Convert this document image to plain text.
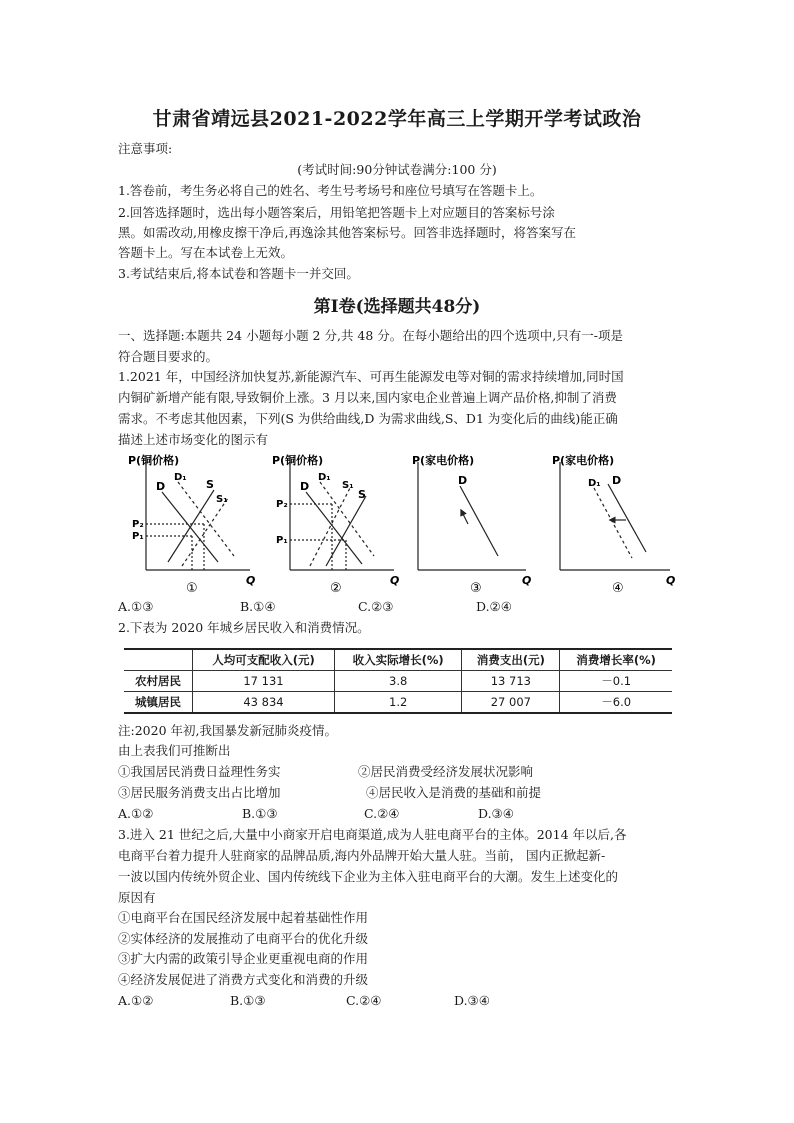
甘肃省靖远县2021-2022学年高三上学期开学考试政治
注意事项:
(考试时间:90分钟试卷满分:100 分)
1.答卷前，考生务必将自己的姓名、考生号考场号和座位号填写在答题卡上。
2.回答选择题时，选出每小题答案后，用铅笔把答题卡上对应题目的答案标号涂
黑。如需改动,用橡皮擦干净后,再逸涂其他答案标号。回答非选择题时，将答案写在
答题卡上。写在本试卷上无效。
3.考试结束后,将本试卷和答题卡一并交回。
第I卷(选择题共48分)
一、选择题:本题共 24 小题每小题 2 分,共 48 分。在每小题给出的四个选项中,只有一-项是
符合题目要求的。
1.2021 年，中国经济加快复苏,新能源汽车、可再生能源发电等对铜的需求持续增加,同时国
内铜矿新增产能有限,导致铜价上涨。3 月以来,国内家电企业普遍上调产品价格,抑制了消费
需求。不考虑其他因素，下列(S 为供给曲线,D 为需求曲线,S、D1 为变化后的曲线)能正确
描述上述市场变化的图示有
P(铜价格)
Q
D
D₁
S
S₁
P₂
P₁
①
P(铜价格)
Q
D
D₁
S₁
S
P₂
P₁
②
P(家电价格)
Q
D
③
P(家电价格)
Q
D₁ D
④
A.①③	B.①④	C.②③	D.②④
2.下表为 2020 年城乡居民收入和消费情况。
	人均可支配收入(元)	收入实际增长(%)	消费支出(元)	消费增长率(%)
农村居民	17 131	3.8	13 713	－0.1
城镇居民	43 834	1.2	27 007	－6.0
注:2020 年初,我国暴发新冠肺炎疫情。
由上表我们可推断出
①我国居民消费日益理性务实	②居民消费受经济发展状况影响
③居民服务消费支出占比增加	④居民收入是消费的基础和前提
A.①②	B.①③	C.②④	D.③④
3.进入 21 世纪之后,大量中小商家开启电商渠道,成为人驻电商平台的主体。2014 年以后,各
电商平台着力提升人驻商家的品牌品质,海内外品牌开始大量人驻。当前， 国内正掀起新-
一波以国内传统外贸企业、国内传统线下企业为主体入驻电商平台的大潮。发生上述变化的
原因有
①电商平台在国民经济发展中起着基础性作用
②实体经济的发展推动了电商平台的优化升级
③扩大内需的政策引导企业更重视电商的作用
④经济发展促进了消费方式变化和消费的升级
A.①②	B.①③	C.②④	D.③④
